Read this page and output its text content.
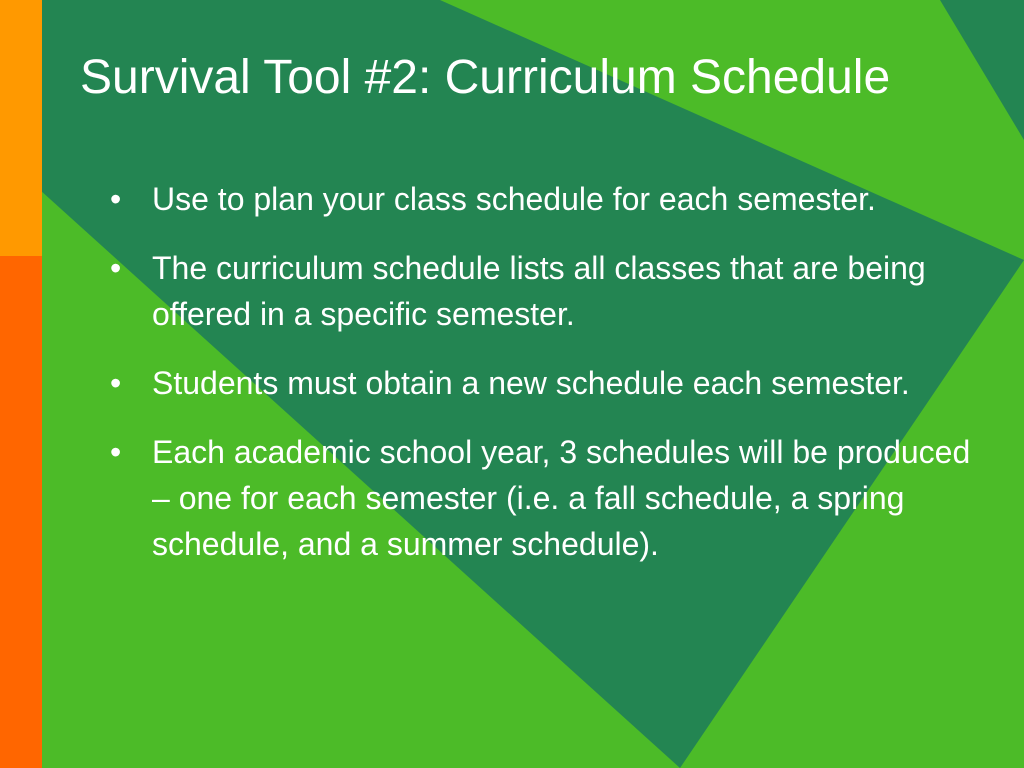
Survival Tool #2: Curriculum Schedule
• Use to plan your class schedule for each semester.
• The curriculum schedule lists all classes that are being offered in a specific semester.
• Students must obtain a new schedule each semester.
• Each academic school year, 3 schedules will be produced – one for each semester (i.e. a fall schedule, a spring schedule, and a summer schedule).
